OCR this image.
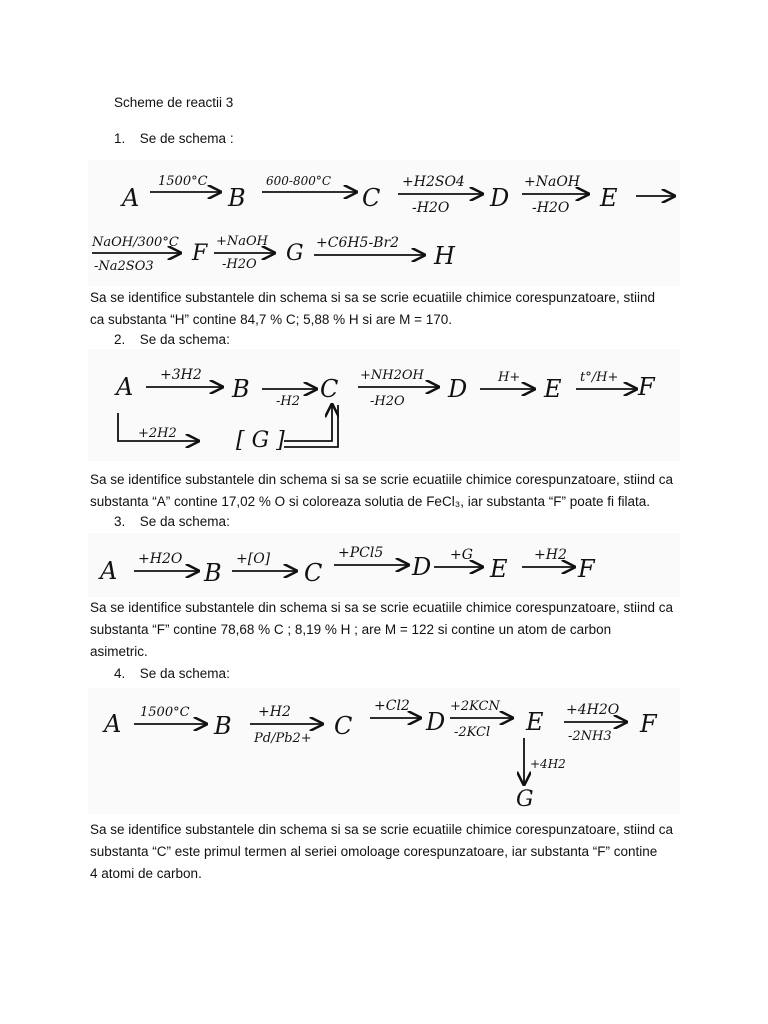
Scheme de reactii 3
1. Se de schema :
A
1500°C
B
600-800°C
C
+H2SO4
-H2O D
+NaOH
-H2O E
NaOH/300°C
-Na2SO3
F +NaOH
-H2O G +C6H5-Br2 H
Sa se identifice substantele din schema si sa se scrie ecuatiile chimice corespunzatoare, stiind
ca substanta “H” contine 84,7 % C; 5,88 % H si are M = 170.
2. Se da schema:
A +3H2 B -H2 C +NH2OH
-H2O D H+ E t°/H+ F
+2H2	[ G ]
Sa se identifice substantele din schema si sa se scrie ecuatiile chimice corespunzatoare, stiind ca
substanta “A” contine 17,02 % O si coloreaza solutia de FeCl₃, iar substanta “F” poate fi filata.
3. Se da schema:
A +H2O B +[O] C
+PCl5 D +G E +H2 F
Sa se identifice substantele din schema si sa se scrie ecuatiile chimice corespunzatoare, stiind ca
substanta “F” contine 78,68 % C ; 8,19 % H ; are M = 122 si contine un atom de carbon
asimetric.
4. Se da schema:
A 1500°C B +H2
Pd/Pb2+ C
+Cl2
D
+2KCN
-2KCl E +4H2O
-2NH3 F
+4H2
G
Sa se identifice substantele din schema si sa se scrie ecuatiile chimice corespunzatoare, stiind ca
substanta “C” este primul termen al seriei omoloage corespunzatoare, iar substanta “F” contine
4 atomi de carbon.
